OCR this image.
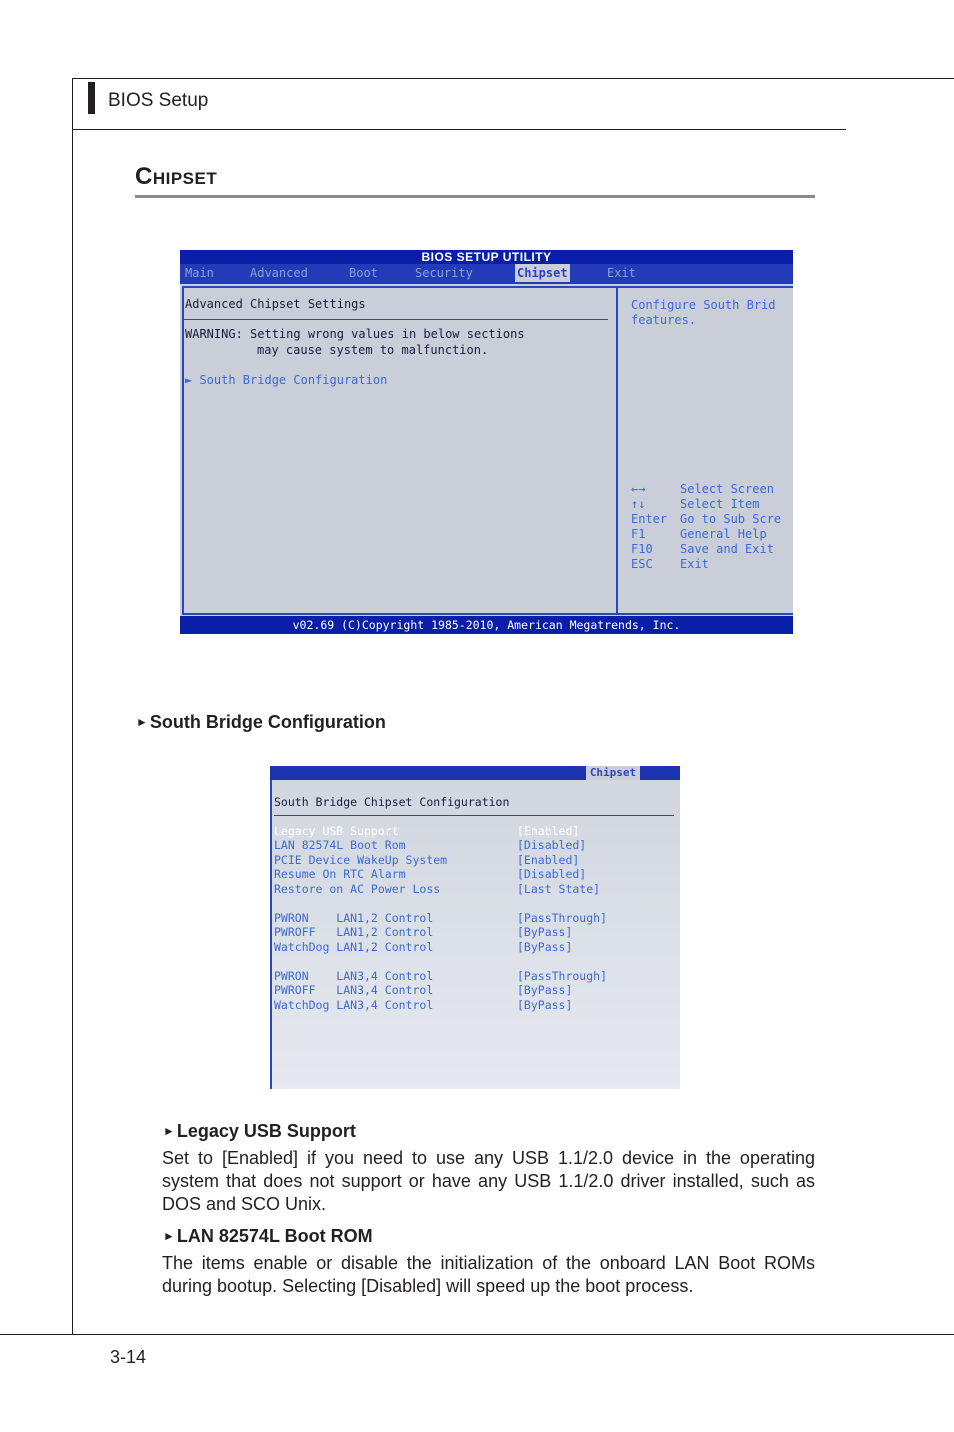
BIOS Setup
Chipset
BIOS SETUP UTILITY
Main	Advanced	Boot	Security	Chipset	Exit
Advanced Chipset Settings
WARNING: Setting wrong values in below sections
may cause system to malfunction.
► South Bridge Configuration
Configure South Brid
features.
←→	Select Screen
↑↓	Select Item
Enter Go to Sub Scre
F1	General Help
F10 Save and Exit
ESC Exit
v02.69 (C)Copyright 1985-2010, American Megatrends, Inc.
► South Bridge Configuration
Chipset
South Bridge Chipset Configuration
Legacy USB Support	[Enabled]
LAN 82574L Boot Rom	[Disabled]
PCIE Device WakeUp System	[Enabled]
Resume On RTC Alarm	[Disabled]
Restore on AC Power Loss	[Last State]
PWRON    LAN1,2 Control	[PassThrough]
PWROFF   LAN1,2 Control	[ByPass]
WatchDog LAN1,2 Control	[ByPass]
PWRON    LAN3,4 Control	[PassThrough]
PWROFF   LAN3,4 Control	[ByPass]
WatchDog LAN3,4 Control	[ByPass]
► Legacy USB Support
Set to [Enabled] if you need to use any USB 1.1/2.0 device in the operating system that does not support or have any USB 1.1/2.0 driver installed, such as DOS and SCO Unix.
► LAN 82574L Boot ROM
The items enable or disable the initialization of the onboard LAN Boot ROMs during bootup. Selecting [Disabled] will speed up the boot process.
3-14
